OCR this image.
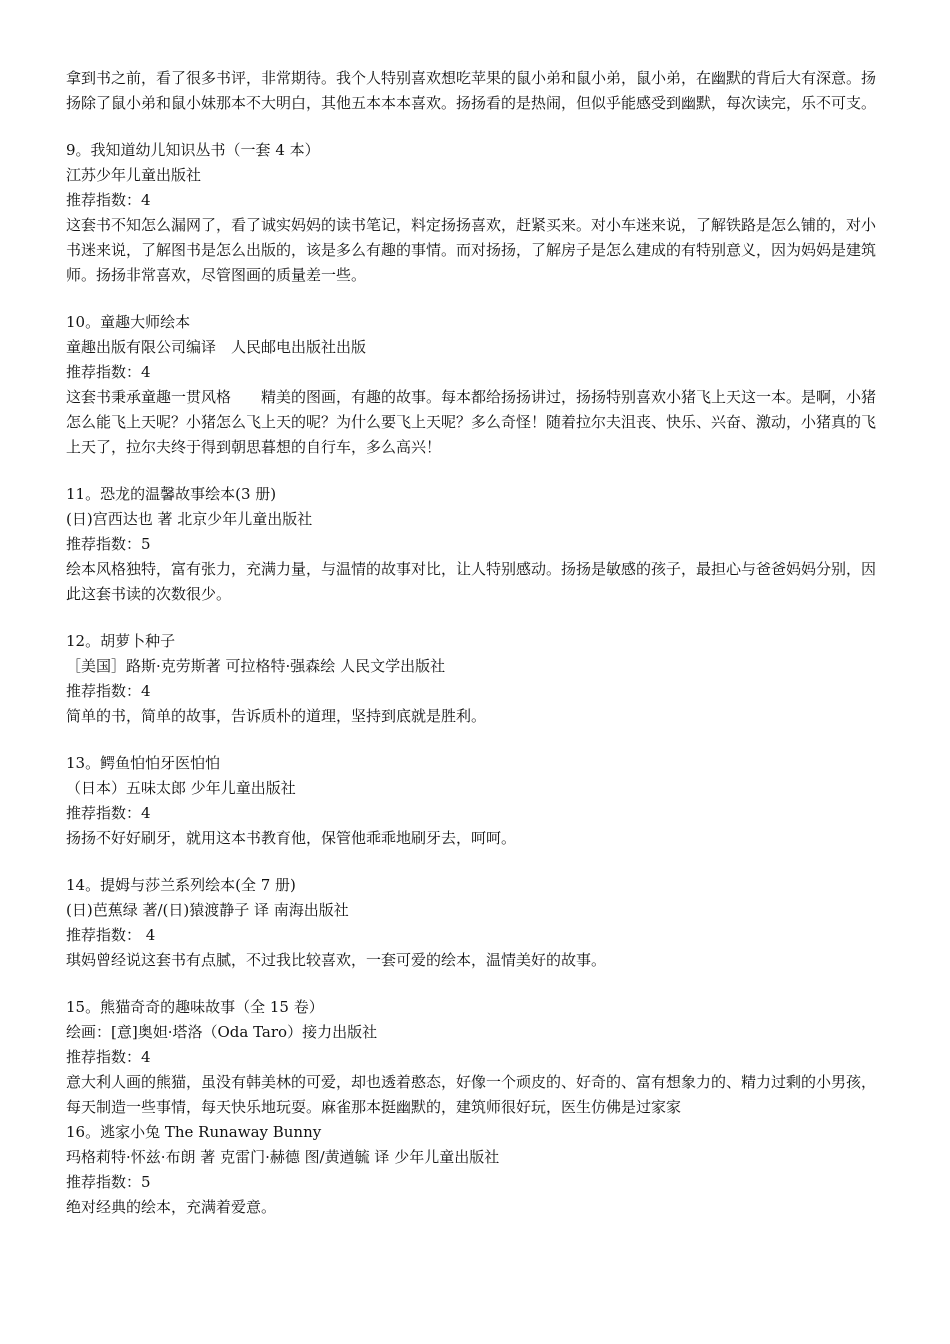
拿到书之前，看了很多书评，非常期待。我个人特别喜欢想吃苹果的鼠小弟和鼠小弟，鼠小弟，在幽默的背后大有深意。扬扬除了鼠小弟和鼠小妹那本不大明白，其他五本本本喜欢。扬扬看的是热闹，但似乎能感受到幽默，每次读完，乐不可支。

9。我知道幼儿知识丛书（一套 4 本）

江苏少年儿童出版社

推荐指数：4

这套书不知怎么漏网了，看了诚实妈妈的读书笔记，料定扬扬喜欢，赶紧买来。对小车迷来说，了解铁路是怎么铺的，对小书迷来说，了解图书是怎么出版的，该是多么有趣的事情。而对扬扬，了解房子是怎么建成的有特别意义，因为妈妈是建筑师。扬扬非常喜欢，尽管图画的质量差一些。

10。童趣大师绘本

童趣出版有限公司编译　人民邮电出版社出版

推荐指数：4

这套书秉承童趣一贯风格　　精美的图画，有趣的故事。每本都给扬扬讲过，扬扬特别喜欢小猪飞上天这一本。是啊，小猪怎么能飞上天呢？小猪怎么飞上天的呢？为什么要飞上天呢？多么奇怪！随着拉尔夫沮丧、快乐、兴奋、激动，小猪真的飞上天了，拉尔夫终于得到朝思暮想的自行车，多么高兴！

11。恐龙的温馨故事绘本(3 册)

(日)宫西达也 著 北京少年儿童出版社

推荐指数：5

绘本风格独特，富有张力，充满力量，与温情的故事对比，让人特别感动。扬扬是敏感的孩子，最担心与爸爸妈妈分别，因此这套书读的次数很少。

12。胡萝卜种子

［美国］路斯·克劳斯著 可拉格特·强森绘 人民文学出版社

推荐指数：4

简单的书，简单的故事，告诉质朴的道理，坚持到底就是胜利。

13。鳄鱼怕怕牙医怕怕

（日本）五味太郎 少年儿童出版社

推荐指数：4

扬扬不好好刷牙，就用这本书教育他，保管他乖乖地刷牙去，呵呵。

14。提姆与莎兰系列绘本(全 7 册)

(日)芭蕉绿 著/(日)猿渡静子 译 南海出版社

推荐指数： 4

琪妈曾经说这套书有点腻，不过我比较喜欢，一套可爱的绘本，温情美好的故事。

15。熊猫奇奇的趣味故事（全 15 卷）

绘画：[意]奥妲·塔洛（Oda Taro）接力出版社

推荐指数：4

意大利人画的熊猫，虽没有韩美林的可爱，却也透着憨态，好像一个顽皮的、好奇的、富有想象力的、精力过剩的小男孩，每天制造一些事情，每天快乐地玩耍。麻雀那本挺幽默的，建筑师很好玩，医生仿佛是过家家

16。逃家小兔 The Runaway Bunny

玛格莉特·怀兹·布朗 著 克雷门·赫德 图/黄遒毓 译 少年儿童出版社

推荐指数：5

绝对经典的绘本，充满着爱意。
